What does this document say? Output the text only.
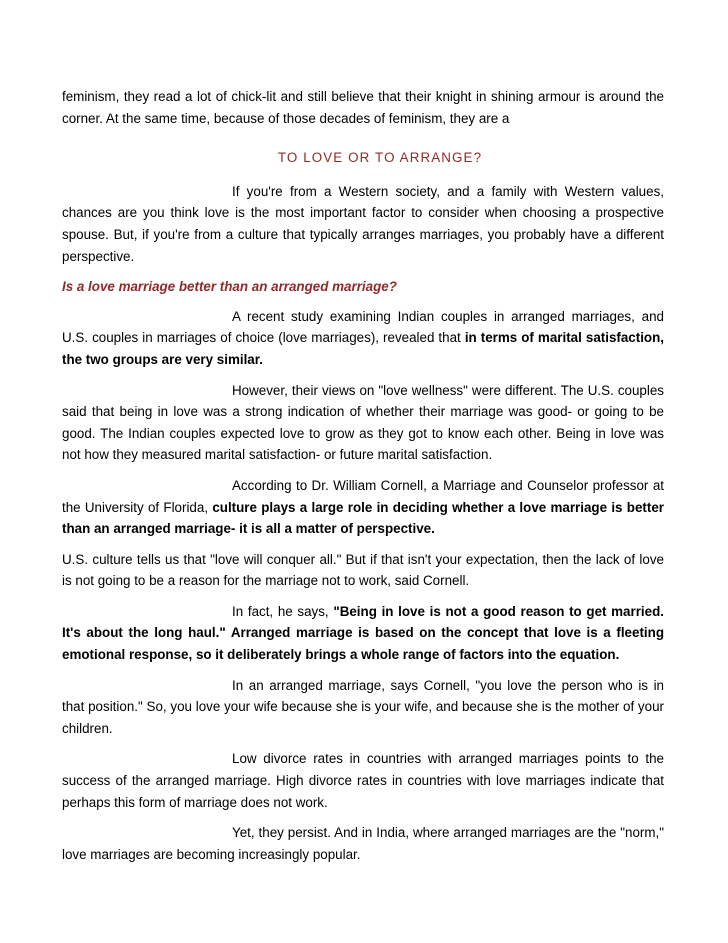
feminism, they read a lot of chick-lit and still believe that their knight in shining armour is around the corner. At the same time, because of those decades of feminism, they are a

TO LOVE OR TO ARRANGE?

If you're from a Western society, and a family with Western values, chances are you think love is the most important factor to consider when choosing a prospective spouse. But, if you're from a culture that typically arranges marriages, you probably have a different perspective.

Is a love marriage better than an arranged marriage?

A recent study examining Indian couples in arranged marriages, and U.S. couples in marriages of choice (love marriages), revealed that in terms of marital satisfaction, the two groups are very similar.

However, their views on "love wellness" were different. The U.S. couples said that being in love was a strong indication of whether their marriage was good- or going to be good. The Indian couples expected love to grow as they got to know each other. Being in love was not how they measured marital satisfaction- or future marital satisfaction.

According to Dr. William Cornell, a Marriage and Counselor professor at the University of Florida, culture plays a large role in deciding whether a love marriage is better than an arranged marriage- it is all a matter of perspective.

U.S. culture tells us that "love will conquer all." But if that isn't your expectation, then the lack of love is not going to be a reason for the marriage not to work, said Cornell.

In fact, he says, "Being in love is not a good reason to get married. It's about the long haul." Arranged marriage is based on the concept that love is a fleeting emotional response, so it deliberately brings a whole range of factors into the equation.

In an arranged marriage, says Cornell, "you love the person who is in that position." So, you love your wife because she is your wife, and because she is the mother of your children.

Low divorce rates in countries with arranged marriages points to the success of the arranged marriage. High divorce rates in countries with love marriages indicate that perhaps this form of marriage does not work.

Yet, they persist. And in India, where arranged marriages are the "norm," love marriages are becoming increasingly popular.
